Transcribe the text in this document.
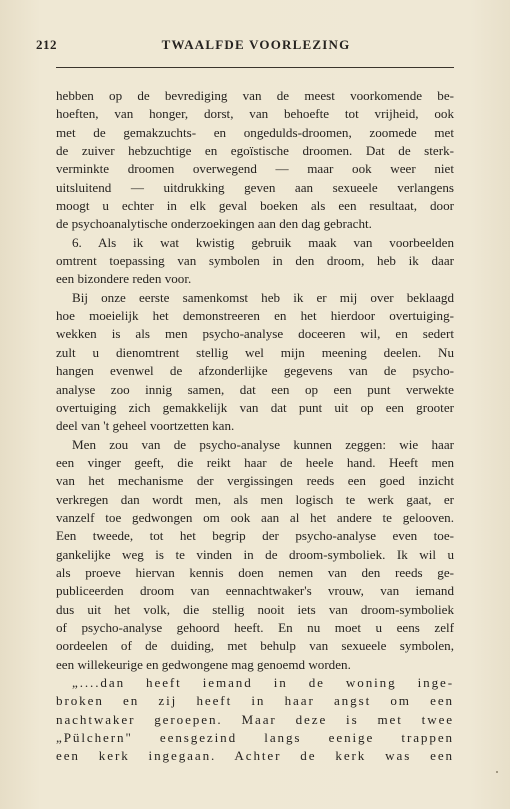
212	TWAALFDE VOORLEZING
hebben op de bevrediging van de meest voorkomende be-
hoeften, van honger, dorst, van behoefte tot vrijheid, ook
met de gemakzuchts- en ongedulds-droomen, zoomede met
de zuiver hebzuchtige en egoïstische droomen. Dat de sterk-
verminkte droomen overwegend — maar ook weer niet
uitsluitend — uitdrukking geven aan sexueele verlangens
moogt u echter in elk geval boeken als een resultaat, door
de psychoanalytische onderzoekingen aan den dag gebracht.
6. Als ik wat kwistig gebruik maak van voorbeelden
omtrent toepassing van symbolen in den droom, heb ik daar
een bizondere reden voor.
Bij onze eerste samenkomst heb ik er mij over beklaagd
hoe moeielijk het demonstreeren en het hierdoor overtuiging-
wekken is als men psycho-analyse doceeren wil, en sedert
zult u dienomtrent stellig wel mijn meening deelen. Nu
hangen evenwel de afzonderlijke gegevens van de psycho-
analyse zoo innig samen, dat een op een punt verwekte
overtuiging zich gemakkelijk van dat punt uit op een grooter
deel van 't geheel voortzetten kan.
Men zou van de psycho-analyse kunnen zeggen: wie haar
een vinger geeft, die reikt haar de heele hand. Heeft men
van het mechanisme der vergissingen reeds een goed inzicht
verkregen dan wordt men, als men logisch te werk gaat, er
vanzelf toe gedwongen om ook aan al het andere te gelooven.
Een tweede, tot het begrip der psycho-analyse even toe-
gankelijke weg is te vinden in de droom-symboliek. Ik wil u
als proeve hiervan kennis doen nemen van den reeds ge-
publiceerden droom van eennachtwaker's vrouw, van iemand
dus uit het volk, die stellig nooit iets van droom-symboliek
of psycho-analyse gehoord heeft. En nu moet u eens zelf
oordeelen of de duiding, met behulp van sexueele symbolen,
een willekeurige en gedwongene mag genoemd worden.
„....dan heeft iemand in de woning inge-
broken en zij heeft in haar angst om een
nachtwaker geroepen. Maar deze is met twee
„Pülchern" eensgezind langs eenige trappen
een kerk ingegaan. Achter de kerk was een
